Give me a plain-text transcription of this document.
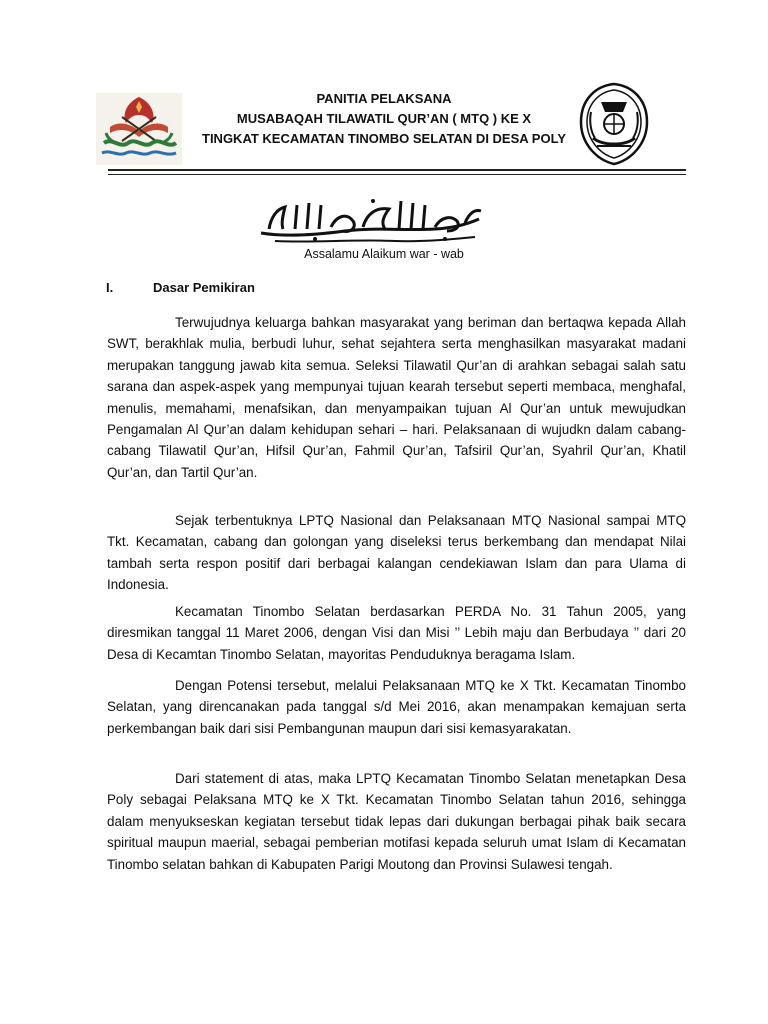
PANITIA PELAKSANA
MUSABAQAH TILAWATIL QUR’AN ( MTQ ) KE X
TINGKAT KECAMATAN TINOMBO SELATAN DI DESA POLY
Assalamu Alaikum war - wab
I.	Dasar Pemikiran

Terwujudnya keluarga bahkan masyarakat yang beriman dan bertaqwa kepada Allah SWT, berakhlak mulia, berbudi luhur, sehat sejahtera serta menghasilkan masyarakat madani merupakan tanggung jawab kita semua. Seleksi Tilawatil Qur’an di arahkan sebagai salah satu sarana dan aspek-aspek yang mempunyai tujuan kearah tersebut seperti membaca, menghafal, menulis, memahami, menafsikan, dan menyampaikan tujuan Al Qur’an untuk mewujudkan Pengamalan Al Qur’an dalam kehidupan sehari – hari. Pelaksanaan di wujudkn dalam cabang- cabang Tilawatil Qur’an, Hifsil Qur’an, Fahmil Qur’an, Tafsiril Qur’an, Syahril Qur’an, Khatil Qur’an, dan Tartil Qur’an.

Sejak terbentuknya LPTQ Nasional dan Pelaksanaan MTQ Nasional sampai MTQ Tkt. Kecamatan, cabang dan golongan yang diseleksi terus berkembang dan mendapat Nilai tambah serta respon positif dari berbagai kalangan cendekiawan Islam dan para Ulama di Indonesia.

Kecamatan Tinombo Selatan berdasarkan PERDA No. 31 Tahun 2005, yang diresmikan tanggal 11 Maret 2006, dengan Visi dan Misi ’’ Lebih maju dan Berbudaya ’’ dari 20 Desa di Kecamtan Tinombo Selatan, mayoritas Penduduknya beragama Islam.

Dengan Potensi tersebut, melalui Pelaksanaan MTQ ke X Tkt. Kecamatan Tinombo Selatan, yang direncanakan pada tanggal s/d Mei 2016, akan menampakan kemajuan serta perkembangan baik dari sisi Pembangunan maupun dari sisi kemasyarakatan.

Dari statement di atas, maka LPTQ Kecamatan Tinombo Selatan menetapkan Desa Poly sebagai Pelaksana MTQ ke X Tkt. Kecamatan Tinombo Selatan tahun 2016, sehingga dalam menyukseskan kegiatan tersebut tidak lepas dari dukungan berbagai pihak baik secara spiritual maupun maerial, sebagai pemberian motifasi kepada seluruh umat Islam di Kecamatan Tinombo selatan bahkan di Kabupaten Parigi Moutong dan Provinsi Sulawesi tengah.
